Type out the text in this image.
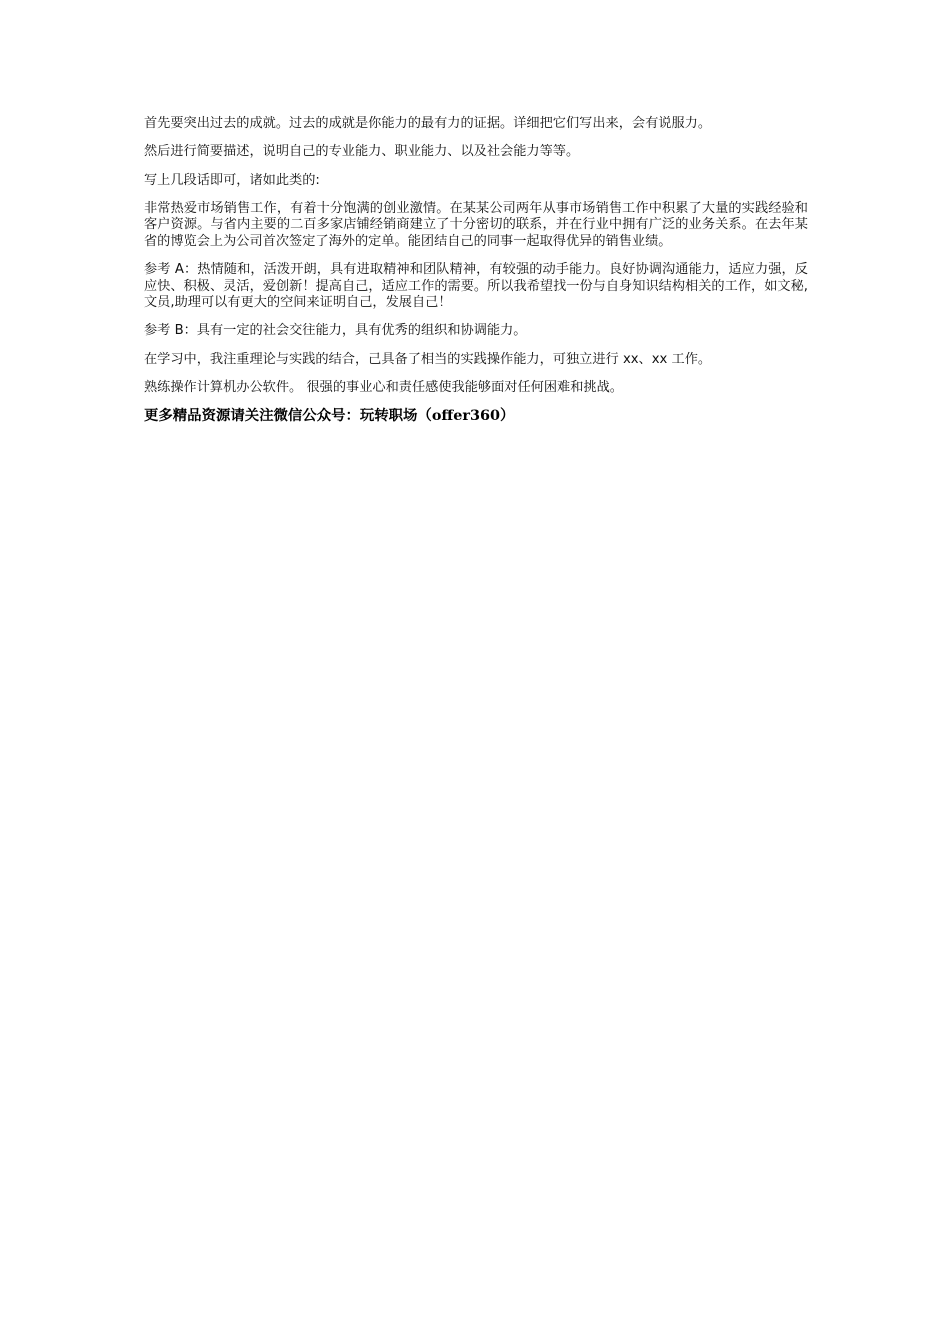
首先要突出过去的成就。过去的成就是你能力的最有力的证据。详细把它们写出来，会有说服力。

然后进行简要描述，说明自己的专业能力、职业能力、以及社会能力等等。

写上几段话即可，诸如此类的:

非常热爱市场销售工作，有着十分饱满的创业激情。在某某公司两年从事市场销售工作中积累了大量的实践经验和客户资源。与省内主要的二百多家店铺经销商建立了十分密切的联系，并在行业中拥有广泛的业务关系。在去年某省的博览会上为公司首次签定了海外的定单。能团结自己的同事一起取得优异的销售业绩。

参考 A：热情随和，活泼开朗，具有进取精神和团队精神，有较强的动手能力。良好协调沟通能力，适应力强，反应快、积极、灵活，爱创新！提高自己，适应工作的需要。所以我希望找一份与自身知识结构相关的工作，如文秘,文员,助理可以有更大的空间来证明自己，发展自己！

参考 B：具有一定的社会交往能力，具有优秀的组织和协调能力。

在学习中，我注重理论与实践的结合，己具备了相当的实践操作能力，可独立进行 xx、xx 工作。

熟练操作计算机办公软件。 很强的事业心和责任感使我能够面对任何困难和挑战。

更多精品资源请关注微信公众号：玩转职场（offer360）
